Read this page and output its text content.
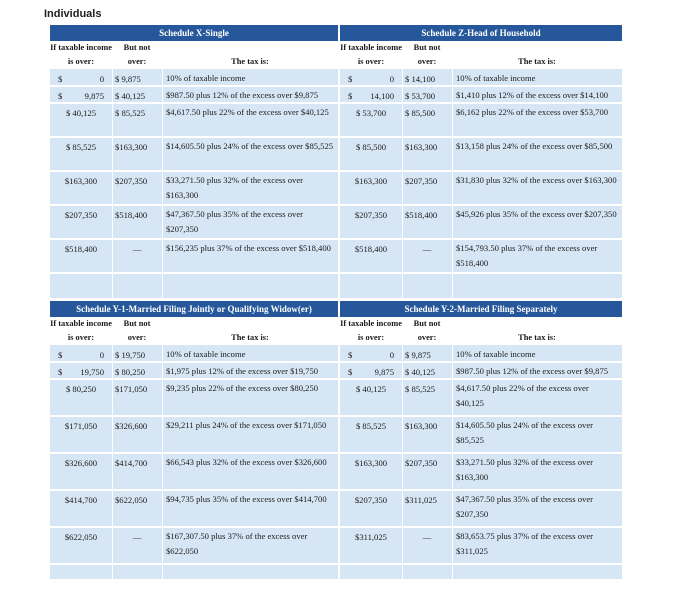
Individuals
Schedule X-Single
If taxable income	But not
is over:	over:	The tax is:
$	0	$ 9,875	10% of taxable income
$	9,875	$ 40,125	$987.50 plus 12% of the excess over $9,875
$ 40,125	$ 85,525	$4,617.50 plus 22% of the excess over $40,125
$ 85,525	$163,300	$14,605.50 plus 24% of the excess over $85,525
$163,300	$207,350	$33,271.50 plus 32% of the excess over $163,300
$207,350	$518,400	$47,367.50 plus 35% of the excess over $207,350
$518,400	—	$156,235 plus 37% of the excess over $518,400
Schedule Z-Head of Household
If taxable income	But not
is over:	over:	The tax is:
$	0	$ 14,100	10% of taxable income
$ 14,100	$ 53,700	$1,410 plus 12% of the excess over $14,100
$ 53,700	$ 85,500	$6,162 plus 22% of the excess over $53,700
$ 85,500	$163,300	$13,158 plus 24% of the excess over $85,500
$163,300	$207,350	$31,830 plus 32% of the excess over $163,300
$207,350	$518,400	$45,926 plus 35% of the excess over $207,350
$518,400	—	$154,793.50 plus 37% of the excess over $518,400
Schedule Y-1-Married Filing Jointly or Qualifying Widow(er)
If taxable income	But not
is over:	over:	The tax is:
$	0	$ 19,750	10% of taxable income
$ 19,750	$ 80,250	$1,975 plus 12% of the excess over $19,750
$ 80,250	$171,050	$9,235 plus 22% of the excess over $80,250
$171,050	$326,600	$29,211 plus 24% of the excess over $171,050
$326,600	$414,700	$66,543 plus 32% of the excess over $326,600
$414,700	$622,050	$94,735 plus 35% of the excess over $414,700
$622,050	—	$167,307.50 plus 37% of the excess over $622,050
Schedule Y-2-Married Filing Separately
If taxable income	But not
is over:	over:	The tax is:
$	0	$ 9,875	10% of taxable income
$	9,875	$ 40,125	$987.50 plus 12% of the excess over $9,875
$ 40,125	$ 85,525	$4,617.50 plus 22% of the excess over $40,125
$ 85,525	$163,300	$14,605.50 plus 24% of the excess over $85,525
$163,300	$207,350	$33,271.50 plus 32% of the excess over $163,300
$207,350	$311,025	$47,367.50 plus 35% of the excess over $207,350
$311,025	—	$83,653.75 plus 37% of the excess over $311,025
